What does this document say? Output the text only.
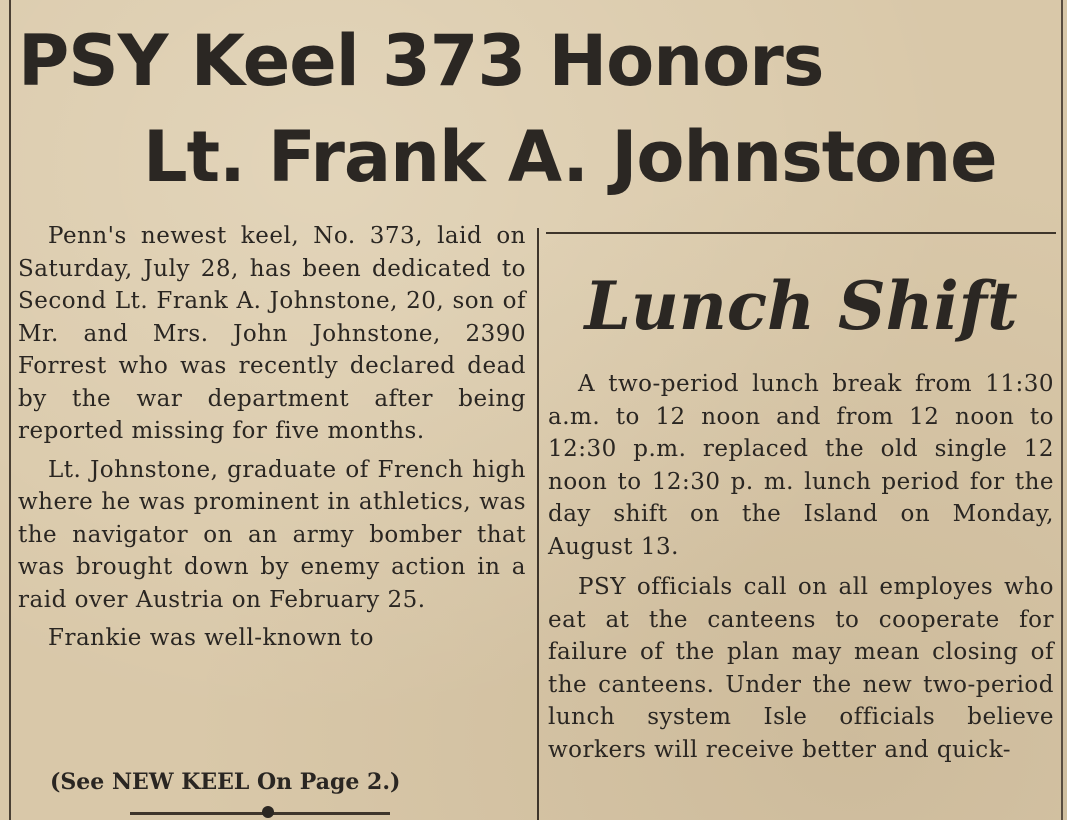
PSY Keel 373 Honors
Lt. Frank A. Johnstone

Penn's newest keel, No. 373, laid on Saturday, July 28, has been dedicated to Second Lt. Frank A. Johnstone, 20, son of Mr. and Mrs. John Johnstone, 2390 Forrest who was recently declared dead by the war department after being reported missing for five months.

Lt. Johnstone, graduate of French high where he was prominent in athletics, was the navigator on an army bomber that was brought down by enemy action in a raid over Austria on February 25.

Frankie was well-known to

(See NEW KEEL On Page 2.)
Lunch Shift

A two-period lunch break from 11:30 a.m. to 12 noon and from 12 noon to 12:30 p.m. replaced the old single 12 noon to 12:30 p. m. lunch period for the day shift on the Island on Monday, August 13.

PSY officials call on all employes who eat at the canteens to cooperate for failure of the plan may mean closing of the canteens. Under the new two-period lunch system Isle officials believe workers will receive better and quick-
